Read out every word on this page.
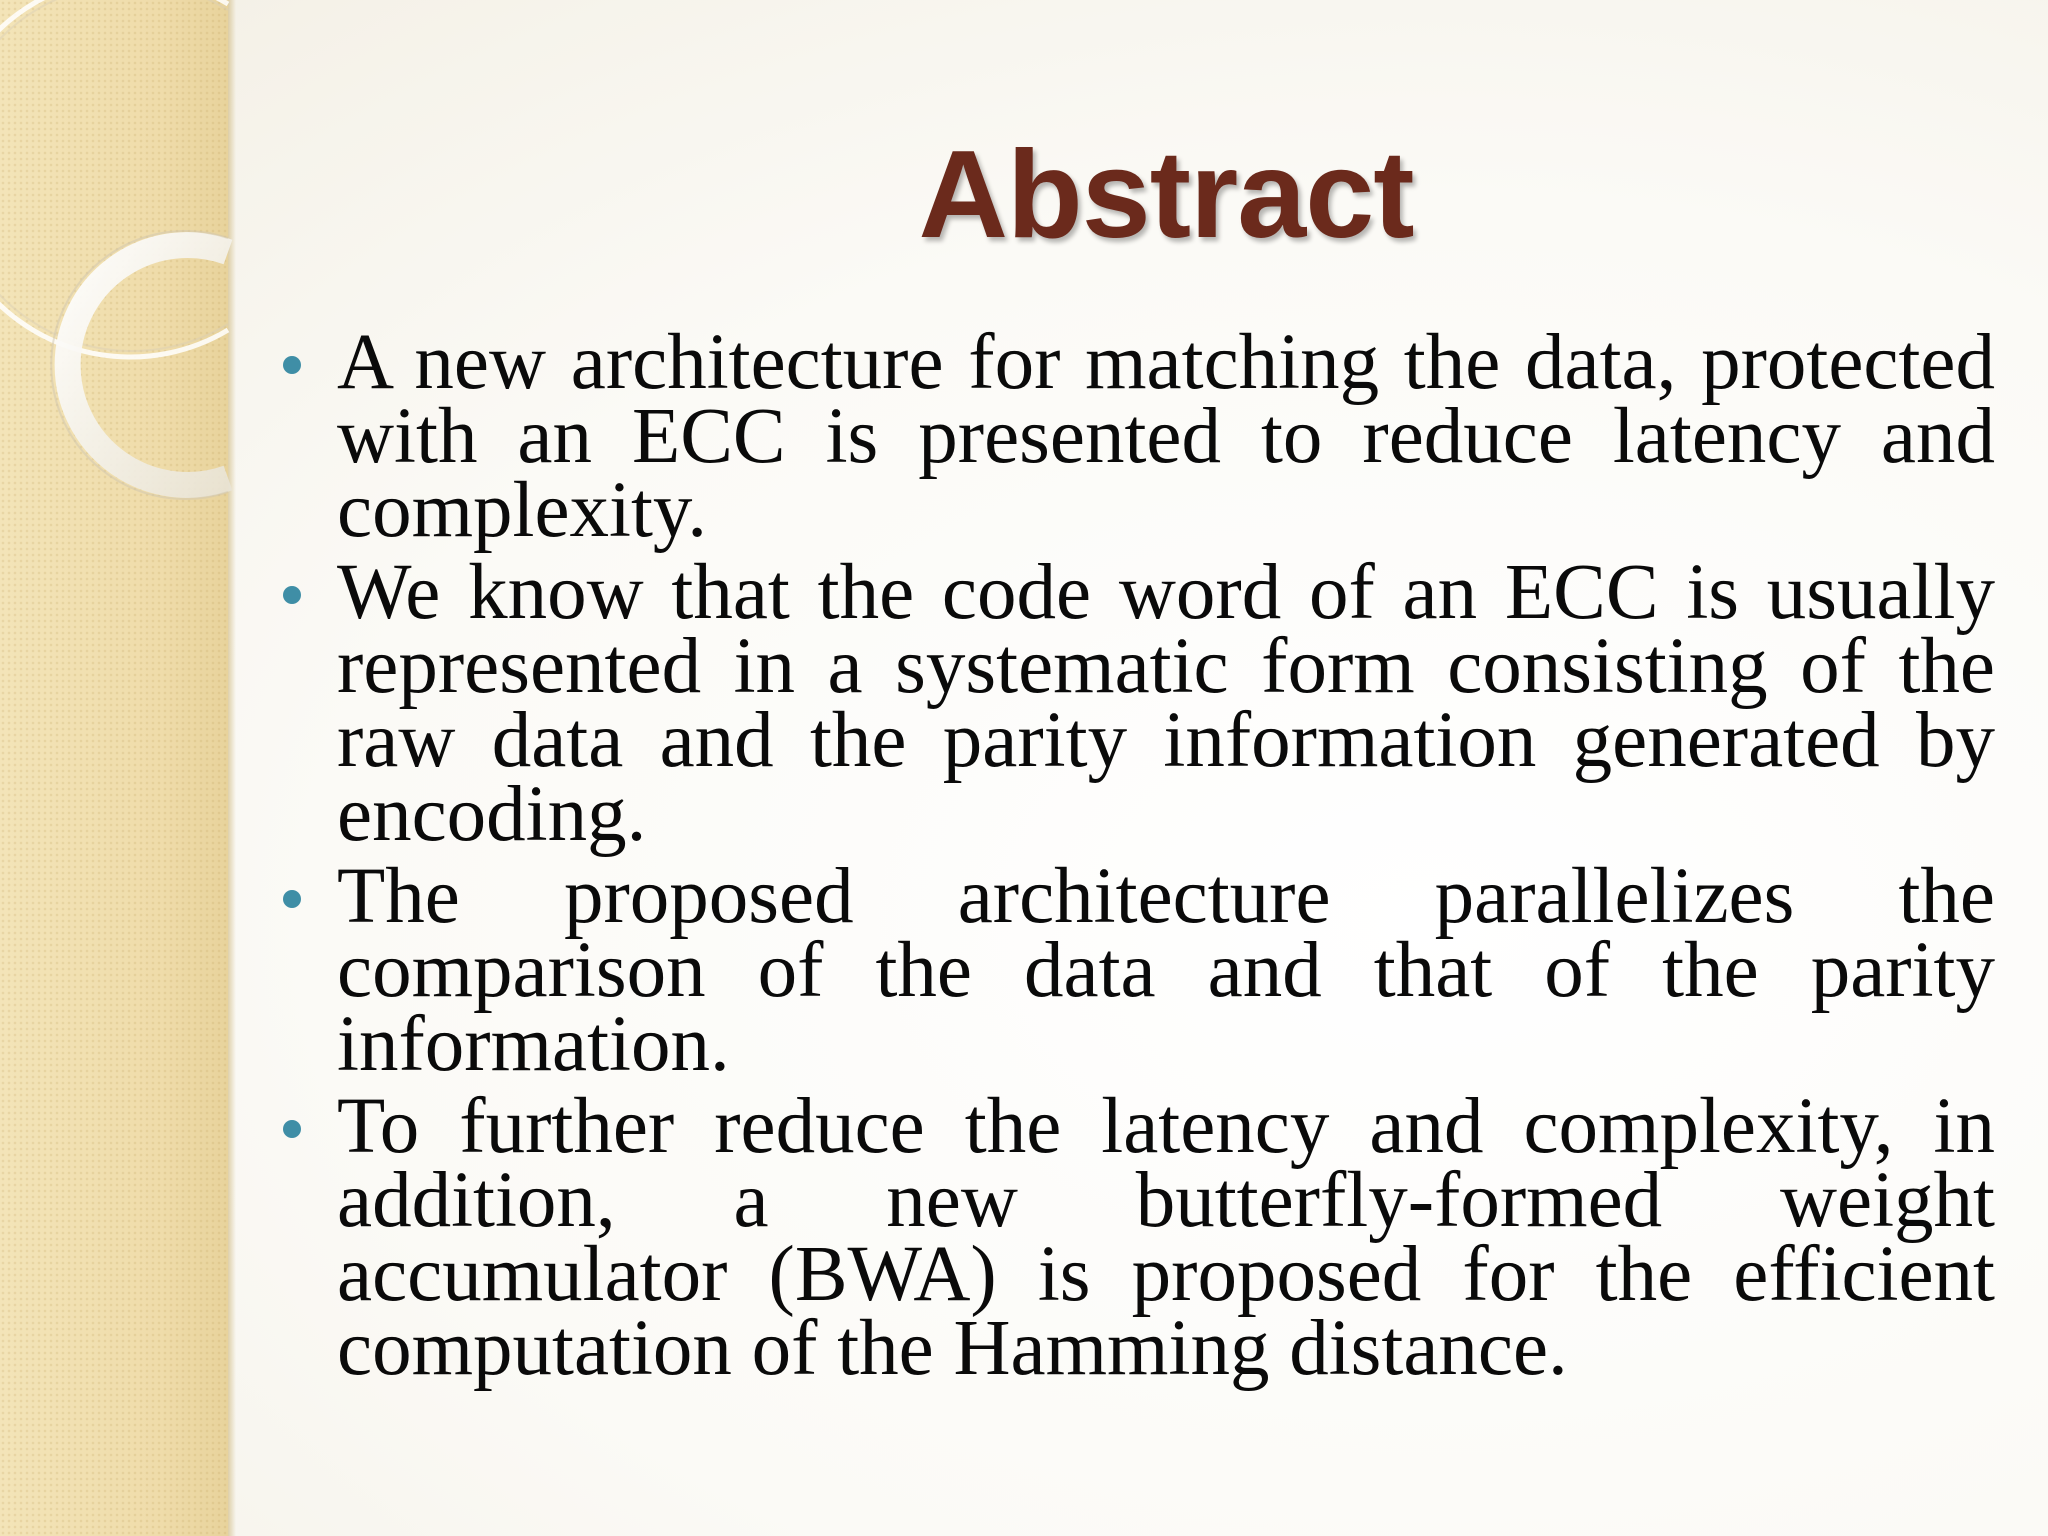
Abstract
A new architecture for matching the data, protected with an ECC is presented to reduce latency and complexity.
We know that the code word of an ECC is usually represented in a systematic form consisting of the raw data and the parity information generated by encoding.
The proposed architecture parallelizes the comparison of the data and that of the parity information.
To further reduce the latency and complexity, in addition, a new butterfly-formed weight accumulator (BWA) is proposed for the efficient computation of the Hamming distance.
